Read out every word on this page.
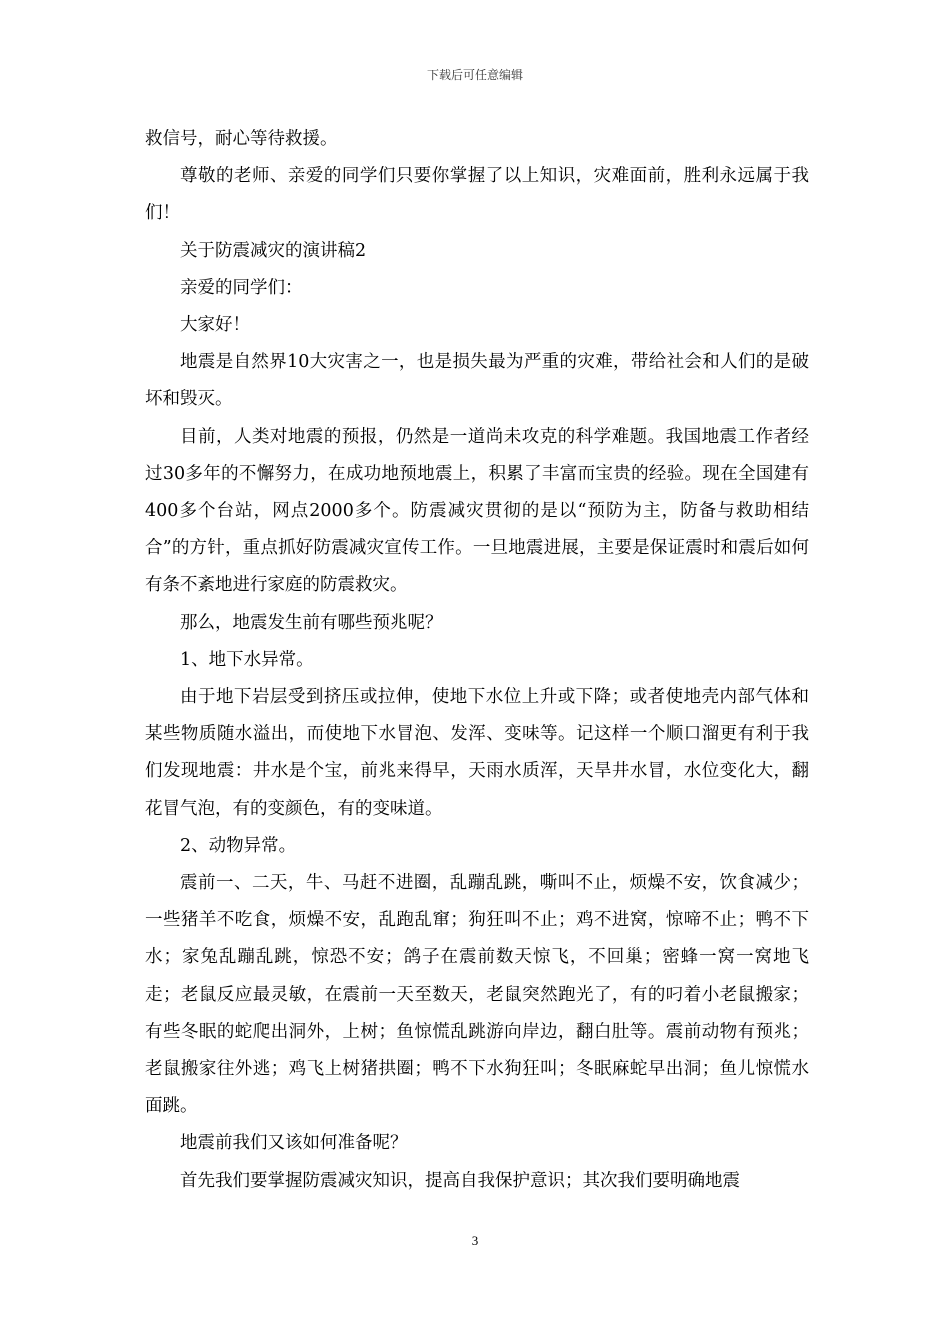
下载后可任意编辑

救信号，耐心等待救援。

尊敬的老师、亲爱的同学们只要你掌握了以上知识，灾难面前，胜利永远属于我们！

关于防震减灾的演讲稿2

亲爱的同学们：

大家好！

地震是自然界10大灾害之一，也是损失最为严重的灾难，带给社会和人们的是破坏和毁灭。

目前，人类对地震的预报，仍然是一道尚未攻克的科学难题。我国地震工作者经过30多年的不懈努力，在成功地预地震上，积累了丰富而宝贵的经验。现在全国建有400多个台站，网点2000多个。防震减灾贯彻的是以“预防为主，防备与救助相结合”的方针，重点抓好防震减灾宣传工作。一旦地震进展，主要是保证震时和震后如何有条不紊地进行家庭的防震救灾。

那么，地震发生前有哪些预兆呢？

1、地下水异常。

由于地下岩层受到挤压或拉伸，使地下水位上升或下降；或者使地壳内部气体和某些物质随水溢出，而使地下水冒泡、发浑、变味等。记这样一个顺口溜更有利于我们发现地震：井水是个宝，前兆来得早，天雨水质浑，天旱井水冒，水位变化大，翻花冒气泡，有的变颜色，有的变味道。

2、动物异常。

震前一、二天，牛、马赶不进圈，乱蹦乱跳，嘶叫不止，烦燥不安，饮食减少；一些猪羊不吃食，烦燥不安，乱跑乱窜；狗狂叫不止；鸡不进窝，惊啼不止；鸭不下水；家兔乱蹦乱跳，惊恐不安；鸽子在震前数天惊飞，不回巢；密蜂一窝一窝地飞走；老鼠反应最灵敏，在震前一天至数天，老鼠突然跑光了，有的叼着小老鼠搬家；有些冬眠的蛇爬出洞外，上树；鱼惊慌乱跳游向岸边，翻白肚等。震前动物有预兆；老鼠搬家往外逃；鸡飞上树猪拱圈；鸭不下水狗狂叫；冬眠麻蛇早出洞；鱼儿惊慌水面跳。

地震前我们又该如何准备呢？

首先我们要掌握防震减灾知识，提高自我保护意识；其次我们要明确地震

3
